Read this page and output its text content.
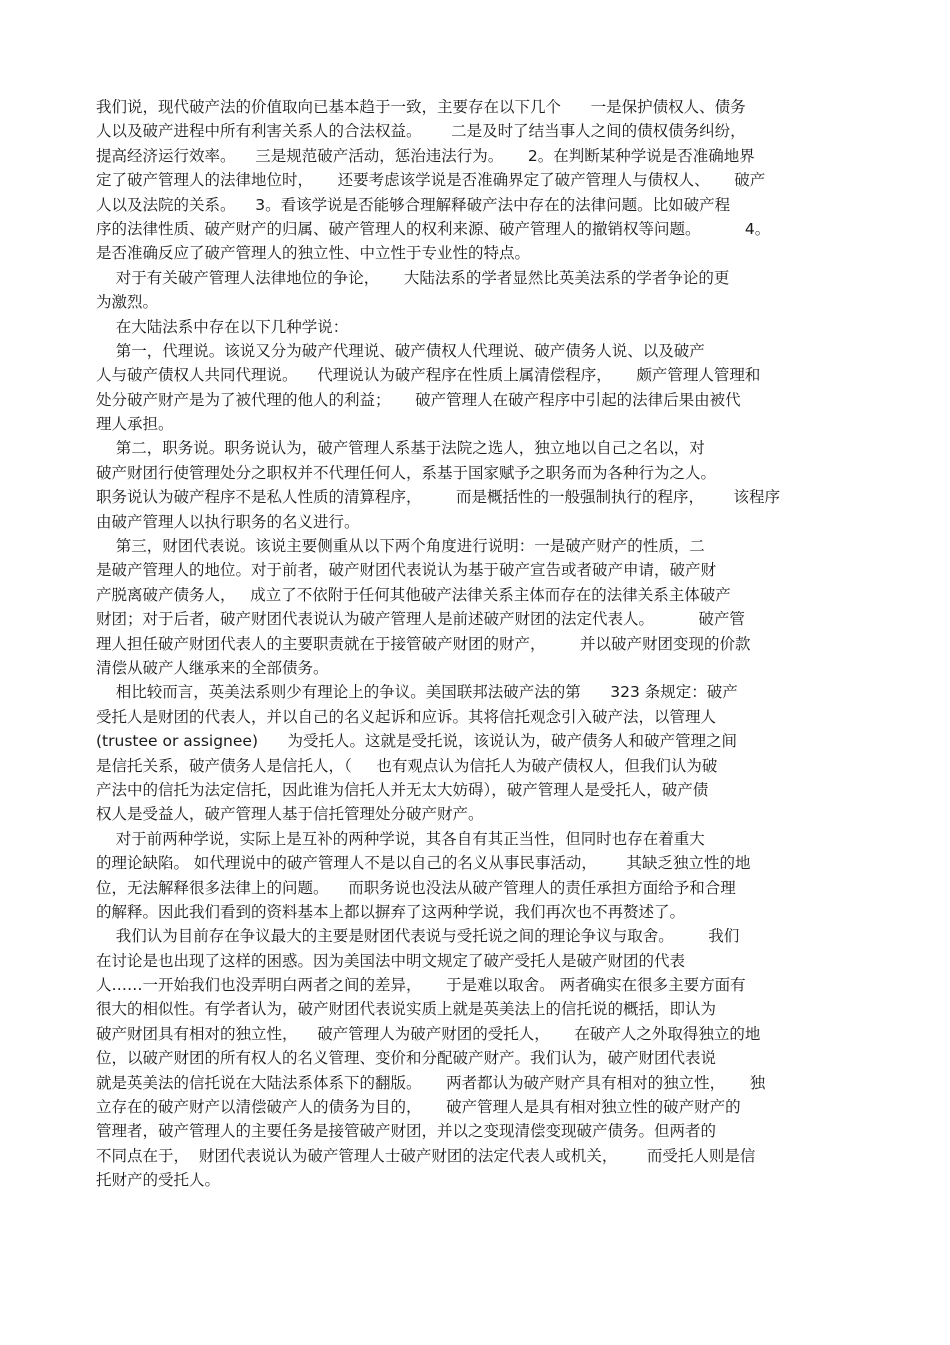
我们说，现代破产法的价值取向已基本趋于一致，主要存在以下几个      一是保护债权人、债务
人以及破产进程中所有利害关系人的合法权益。      二是及时了结当事人之间的债权债务纠纷，
提高经济运行效率。    三是规范破产活动，惩治违法行为。     2。在判断某种学说是否准确地界
定了破产管理人的法律地位时，     还要考虑该学说是否准确界定了破产管理人与债权人、     破产
人以及法院的关系。    3。看该学说是否能够合理解释破产法中存在的法律问题。比如破产程
序的法律性质、破产财产的归属、破产管理人的权利来源、破产管理人的撤销权等问题。         4。
是否准确反应了破产管理人的独立性、中立性于专业性的特点。
对于有关破产管理人法律地位的争论，     大陆法系的学者显然比英美法系的学者争论的更
为激烈。
在大陆法系中存在以下几种学说：
第一，代理说。该说又分为破产代理说、破产债权人代理说、破产债务人说、以及破产
人与破产债权人共同代理说。    代理说认为破产程序在性质上属清偿程序，     颇产管理人管理和
处分破产财产是为了被代理的他人的利益；     破产管理人在破产程序中引起的法律后果由被代
理人承担。
第二，职务说。职务说认为，破产管理人系基于法院之选人，独立地以自己之名以，对
破产财团行使管理处分之职权并不代理任何人，系基于国家赋予之职务而为各种行为之人。
职务说认为破产程序不是私人性质的清算程序，       而是概括性的一般强制执行的程序，      该程序
由破产管理人以执行职务的名义进行。
第三，财团代表说。该说主要侧重从以下两个角度进行说明：一是破产财产的性质，二
是破产管理人的地位。对于前者，破产财团代表说认为基于破产宣告或者破产申请，破产财
产脱离破产债务人，   成立了不依附于任何其他破产法律关系主体而存在的法律关系主体破产
财团；对于后者，破产财团代表说认为破产管理人是前述破产财团的法定代表人。         破产管
理人担任破产财团代表人的主要职责就在于接管破产财团的财产，       并以破产财团变现的价款
清偿从破产人继承来的全部债务。
相比较而言，英美法系则少有理论上的争议。美国联邦法破产法的第      323 条规定：破产
受托人是财团的代表人，并以自己的名义起诉和应诉。其将信托观念引入破产法，以管理人
(trustee or assignee)      为受托人。这就是受托说，该说认为，破产债务人和破产管理之间
是信托关系，破产债务人是信托人，（     也有观点认为信托人为破产债权人，但我们认为破
产法中的信托为法定信托，因此谁为信托人并无太大妨碍），破产管理人是受托人，破产债
权人是受益人，破产管理人基于信托管理处分破产财产。
对于前两种学说，实际上是互补的两种学说，其各自有其正当性，但同时也存在着重大
的理论缺陷。 如代理说中的破产管理人不是以自己的名义从事民事活动，      其缺乏独立性的地
位，无法解释很多法律上的问题。    而职务说也没法从破产管理人的责任承担方面给予和合理
的解释。因此我们看到的资料基本上都以摒弃了这两种学说，我们再次也不再赘述了。
我们认为目前存在争议最大的主要是财团代表说与受托说之间的理论争议与取舍。       我们
在讨论是也出现了这样的困惑。因为美国法中明文规定了破产受托人是破产财团的代表
人……一开始我们也没弄明白两者之间的差异，     于是难以取舍。 两者确实在很多主要方面有
很大的相似性。有学者认为，破产财团代表说实质上就是英美法上的信托说的概括，即认为
破产财团具有相对的独立性，    破产管理人为破产财团的受托人，     在破产人之外取得独立的地
位，以破产财团的所有权人的名义管理、变价和分配破产财产。我们认为，破产财团代表说
就是英美法的信托说在大陆法系体系下的翻版。     两者都认为破产财产具有相对的独立性，     独
立存在的破产财产以清偿破产人的债务为目的，     破产管理人是具有相对独立性的破产财产的
管理者，破产管理人的主要任务是接管破产财团，并以之变现清偿变现破产债务。但两者的
不同点在于，  财团代表说认为破产管理人士破产财团的法定代表人或机关，      而受托人则是信
托财产的受托人。
